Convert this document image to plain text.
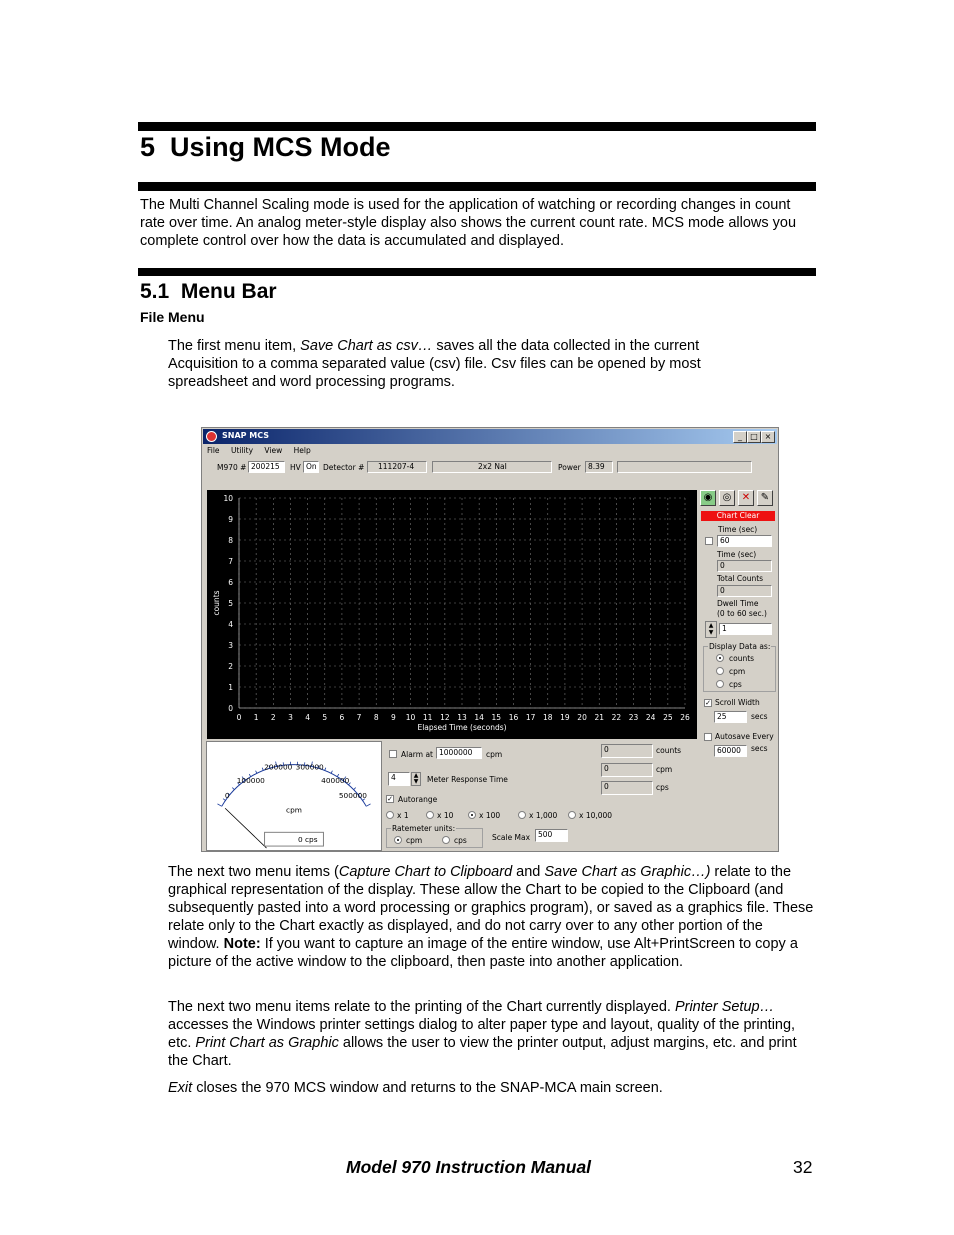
5 Using MCS Mode

The Multi Channel Scaling mode is used for the application of watching or recording changes in count rate over time. An analog meter-style display also shows the current count rate. MCS mode allows you complete control over how the data is accumulated and displayed.

5.1 Menu Bar
File Menu

The first menu item, Save Chart as csv… saves all the data collected in the current Acquisition to a comma separated value (csv) file. Csv files can be opened by most spreadsheet and word processing programs.

SNAP MCS	_	□ ×
File Utility View Help
M970 # 200215	HV On Detector #	111207-4	2x2 NaI	Power 8.39
0 1 2 3 4 5 6 7 8 9 10 11 12 13 14 15 16 17 18 19 20 21 22 23 24 25 26
0
1
2
3
4
5
6
7
8
9
10
Elapsed Time (seconds)
counts
◉	◎	✕	✎
Chart Clear
Time (sec)
60
Time (sec)
0
Total Counts
0
Dwell Time
(0 to 60 sec.)
▲
▼	1
Display Data as:
counts
cpm
cps
✓ Scroll Width
25	secs
Autosave Every
60000	secs
0
100000
200000 300000
400000
500000
cpm
0 cps
Alarm at 1000000	cpm
4	▲
▼	Meter Response Time
✓ Autorange
x 1	x 10	x 100	x 1,000	x 10,000
Ratemeter units:
cpm	cps	Scale Max	500
0	counts
0	cpm
0	cps

The next two menu items (Capture Chart to Clipboard and Save Chart as Graphic…) relate to the graphical representation of the display. These allow the Chart to be copied to the Clipboard (and subsequently pasted into a word processing or graphics program), or saved as a graphics file. These relate only to the Chart exactly as displayed, and do not carry over to any other portion of the window. Note: If you want to capture an image of the entire window, use Alt+PrintScreen to copy a picture of the active window to the clipboard, then paste into another application.

The next two menu items relate to the printing of the Chart currently displayed. Printer Setup… accesses the Windows printer settings dialog to alter paper type and layout, quality of the printing, etc. Print Chart as Graphic allows the user to view the printer output, adjust margins, etc. and print the Chart.

Exit closes the 970 MCS window and returns to the SNAP-MCA main screen.

Model 970 Instruction Manual	32
